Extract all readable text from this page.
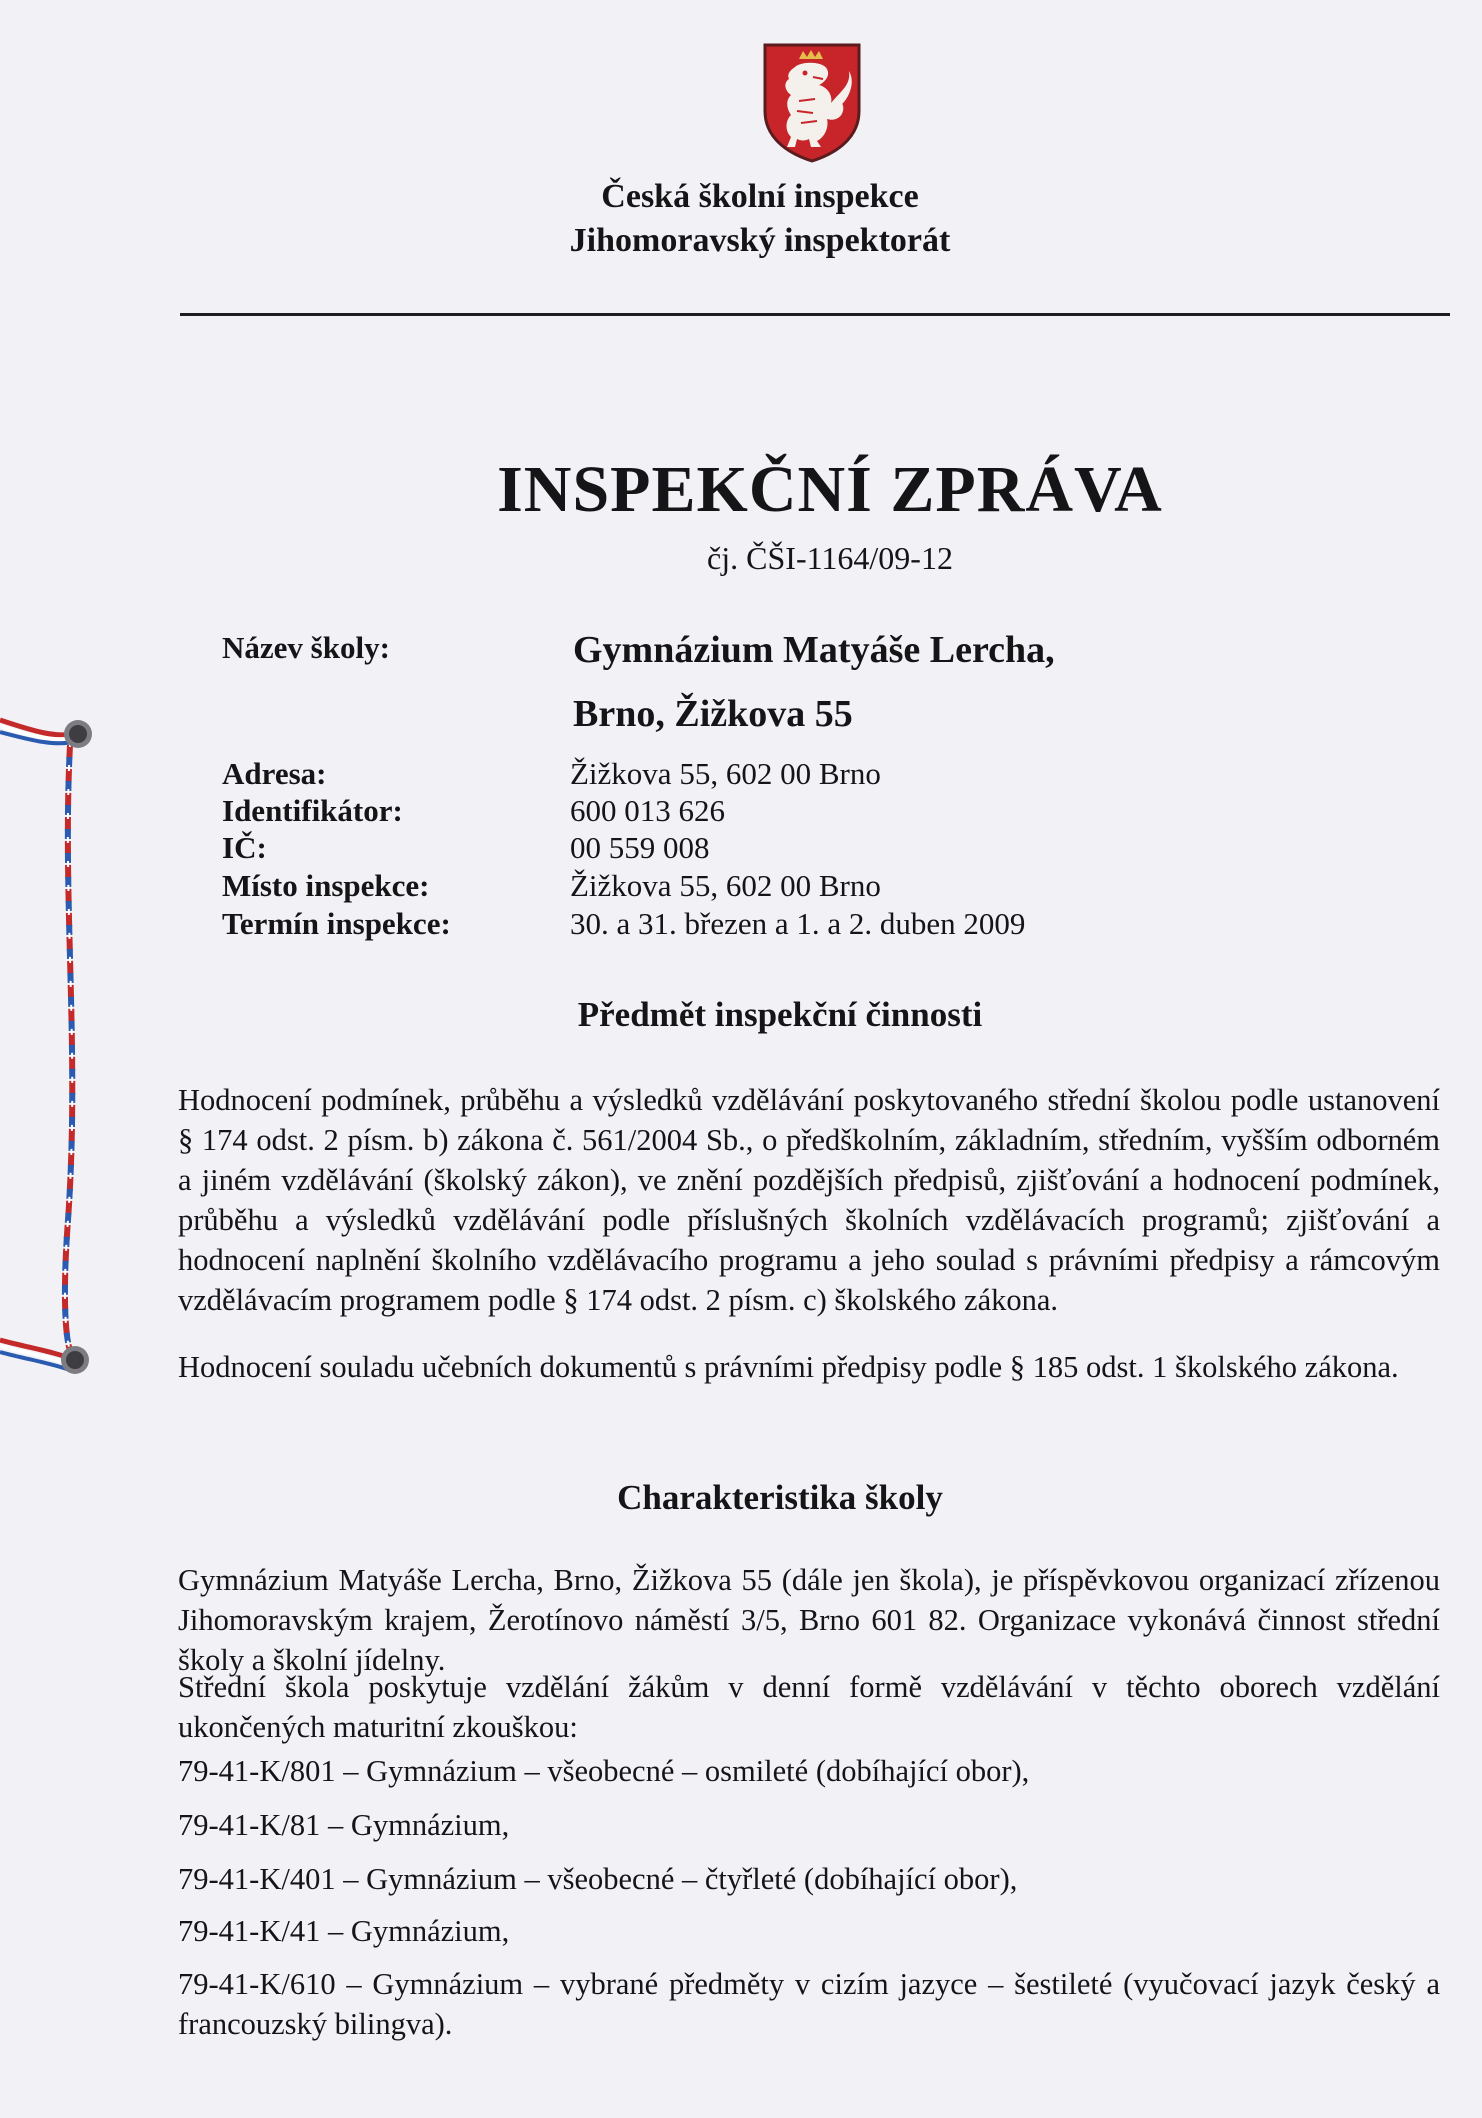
Česká školní inspekce
Jihomoravský inspektorát
INSPEKČNÍ ZPRÁVA
čj. ČŠI-1164/09-12
Název školy:	Gymnázium Matyáše Lercha,
Brno, Žižkova 55
Adresa:	Žižkova 55, 602 00 Brno
Identifikátor:	600 013 626
IČ:	00 559 008
Místo inspekce:	Žižkova 55, 602 00 Brno
Termín inspekce:	30. a 31. březen a 1. a 2. duben 2009
Předmět inspekční činnosti
Hodnocení podmínek, průběhu a výsledků vzdělávání poskytovaného střední školou podle ustanovení § 174 odst. 2 písm. b) zákona č. 561/2004 Sb., o předškolním, základním, středním, vyšším odborném a jiném vzdělávání (školský zákon), ve znění pozdějších předpisů, zjišťování a hodnocení podmínek, průběhu a výsledků vzdělávání podle příslušných školních vzdělávacích programů; zjišťování a hodnocení naplnění školního vzdělávacího programu a jeho soulad s právními předpisy a rámcovým vzdělávacím programem podle § 174 odst. 2 písm. c) školského zákona.
Hodnocení souladu učebních dokumentů s právními předpisy podle § 185 odst. 1 školského zákona.
Charakteristika školy
Gymnázium Matyáše Lercha, Brno, Žižkova 55 (dále jen škola), je příspěvkovou organizací zřízenou Jihomoravským krajem, Žerotínovo náměstí 3/5, Brno 601 82. Organizace vykonává činnost střední školy a školní jídelny.
Střední škola poskytuje vzdělání žákům v denní formě vzdělávání v těchto oborech vzdělání ukončených maturitní zkouškou:
79-41-K/801 – Gymnázium – všeobecné – osmileté (dobíhající obor),
79-41-K/81 – Gymnázium,
79-41-K/401 – Gymnázium – všeobecné – čtyřleté (dobíhající obor),
79-41-K/41 – Gymnázium,
79-41-K/610 – Gymnázium – vybrané předměty v cizím jazyce – šestileté (vyučovací jazyk český a francouzský bilingva).
